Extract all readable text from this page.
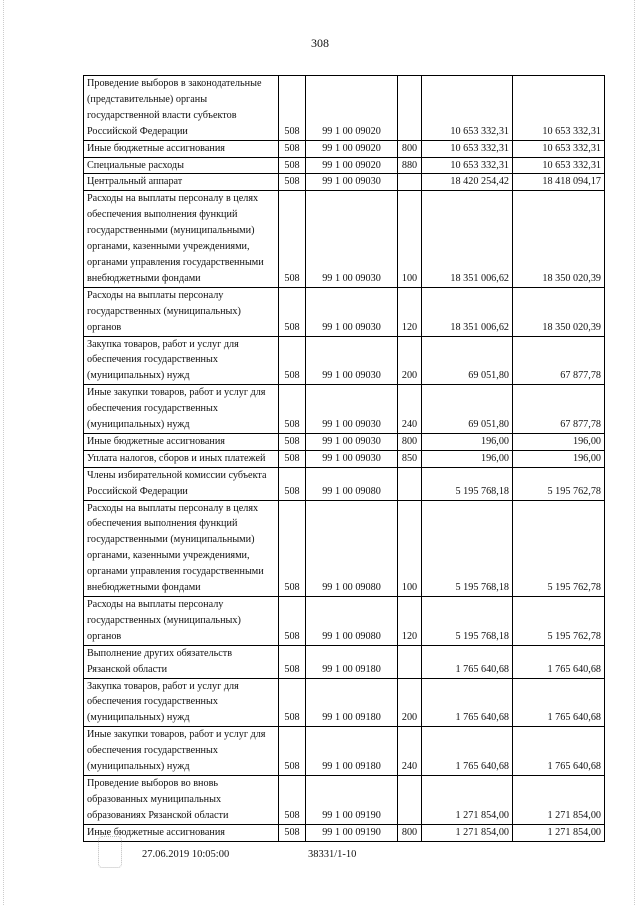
308
Проведение выборов в законодательные (представительные) органы государственной власти субъектов Российской Федерации	508	99 1 00 09020		10 653 332,31	10 653 332,31
Иные бюджетные ассигнования	508	99 1 00 09020	800	10 653 332,31	10 653 332,31
Специальные расходы	508	99 1 00 09020	880	10 653 332,31	10 653 332,31
Центральный аппарат	508	99 1 00 09030		18 420 254,42	18 418 094,17
Расходы на выплаты персоналу в целях обеспечения выполнения функций государственными (муниципальными) органами, казенными учреждениями, органами управления государственными внебюджетными фондами	508	99 1 00 09030	100	18 351 006,62	18 350 020,39
Расходы на выплаты персоналу государственных (муниципальных) органов	508	99 1 00 09030	120	18 351 006,62	18 350 020,39
Закупка товаров, работ и услуг для обеспечения государственных (муниципальных) нужд	508	99 1 00 09030	200	69 051,80	67 877,78
Иные закупки товаров, работ и услуг для обеспечения государственных (муниципальных) нужд	508	99 1 00 09030	240	69 051,80	67 877,78
Иные бюджетные ассигнования	508	99 1 00 09030	800	196,00	196,00
Уплата налогов, сборов и иных платежей	508	99 1 00 09030	850	196,00	196,00
Члены избирательной комиссии субъекта Российской Федерации	508	99 1 00 09080		5 195 768,18	5 195 762,78
Расходы на выплаты персоналу в целях обеспечения выполнения функций государственными (муниципальными) органами, казенными учреждениями, органами управления государственными внебюджетными фондами	508	99 1 00 09080	100	5 195 768,18	5 195 762,78
Расходы на выплаты персоналу государственных (муниципальных) органов	508	99 1 00 09080	120	5 195 768,18	5 195 762,78
Выполнение других обязательств Рязанской области	508	99 1 00 09180		1 765 640,68	1 765 640,68
Закупка товаров, работ и услуг для обеспечения государственных (муниципальных) нужд	508	99 1 00 09180	200	1 765 640,68	1 765 640,68
Иные закупки товаров, работ и услуг для обеспечения государственных (муниципальных) нужд	508	99 1 00 09180	240	1 765 640,68	1 765 640,68
Проведение выборов во вновь образованных муниципальных образованиях Рязанской области	508	99 1 00 09190		1 271 854,00	1 271 854,00
Иные бюджетные ассигнования	508	99 1 00 09190	800	1 271 854,00	1 271 854,00
27.06.2019 10:05:00	38331/1-10
